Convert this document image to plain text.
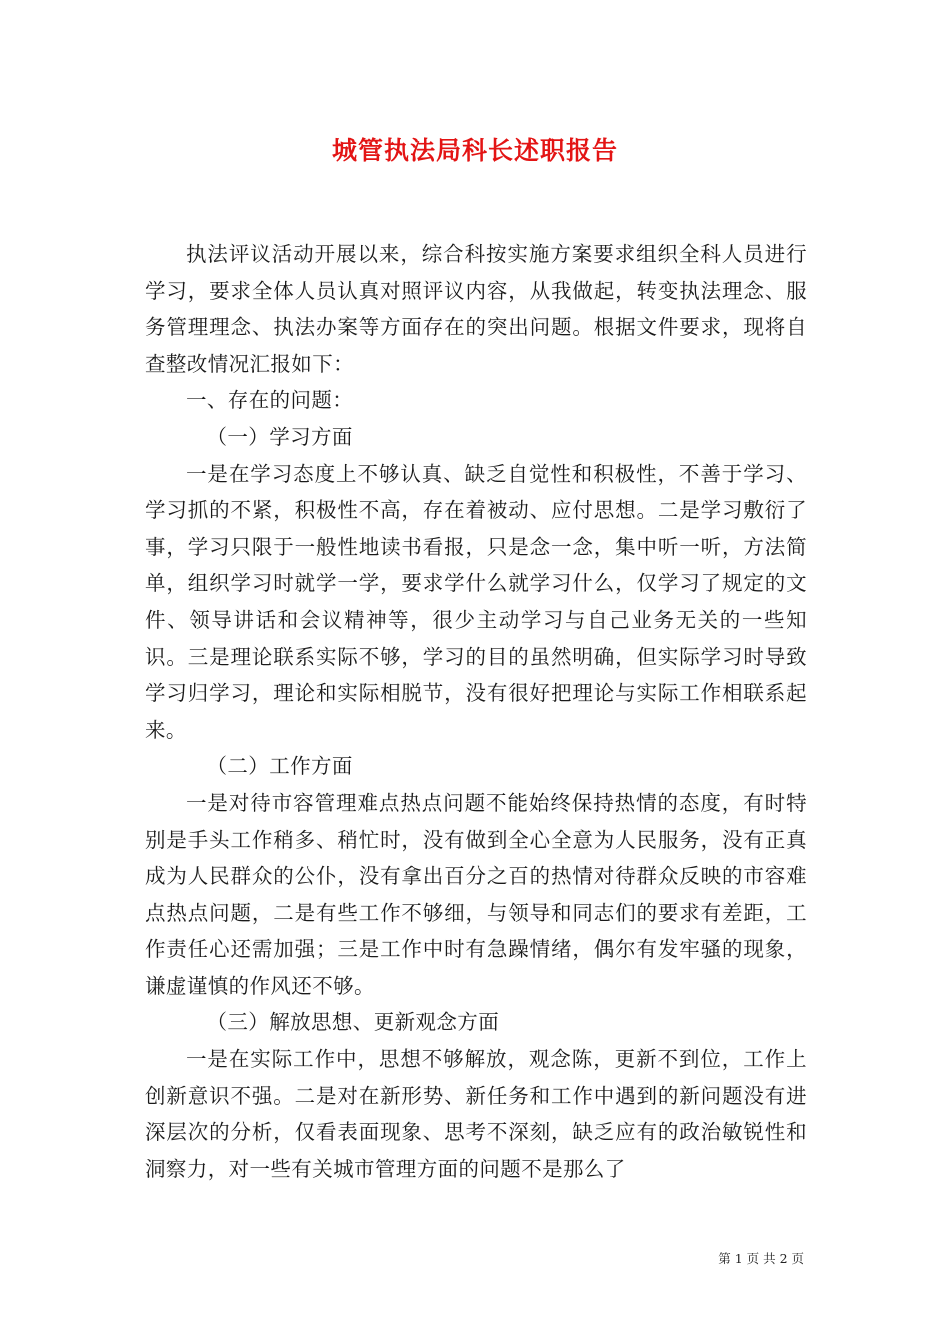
城管执法局科长述职报告

执法评议活动开展以来，综合科按实施方案要求组织全科人员进行学习，要求全体人员认真对照评议内容，从我做起，转变执法理念、服务管理理念、执法办案等方面存在的突出问题。根据文件要求，现将自查整改情况汇报如下：

一、存在的问题：

（一）学习方面

一是在学习态度上不够认真、缺乏自觉性和积极性，不善于学习、学习抓的不紧，积极性不高，存在着被动、应付思想。二是学习敷衍了事，学习只限于一般性地读书看报，只是念一念，集中听一听，方法简单，组织学习时就学一学，要求学什么就学习什么，仅学习了规定的文件、领导讲话和会议精神等，很少主动学习与自己业务无关的一些知识。三是理论联系实际不够，学习的目的虽然明确，但实际学习时导致学习归学习，理论和实际相脱节，没有很好把理论与实际工作相联系起来。

（二）工作方面

一是对待市容管理难点热点问题不能始终保持热情的态度，有时特别是手头工作稍多、稍忙时，没有做到全心全意为人民服务，没有正真成为人民群众的公仆，没有拿出百分之百的热情对待群众反映的市容难点热点问题，二是有些工作不够细，与领导和同志们的要求有差距，工作责任心还需加强；三是工作中时有急躁情绪，偶尔有发牢骚的现象，谦虚谨慎的作风还不够。

（三）解放思想、更新观念方面

一是在实际工作中，思想不够解放，观念陈，更新不到位，工作上创新意识不强。二是对在新形势、新任务和工作中遇到的新问题没有进深层次的分析，仅看表面现象、思考不深刻，缺乏应有的政治敏锐性和洞察力，对一些有关城市管理方面的问题不是那么了

第 1 页 共 2 页
